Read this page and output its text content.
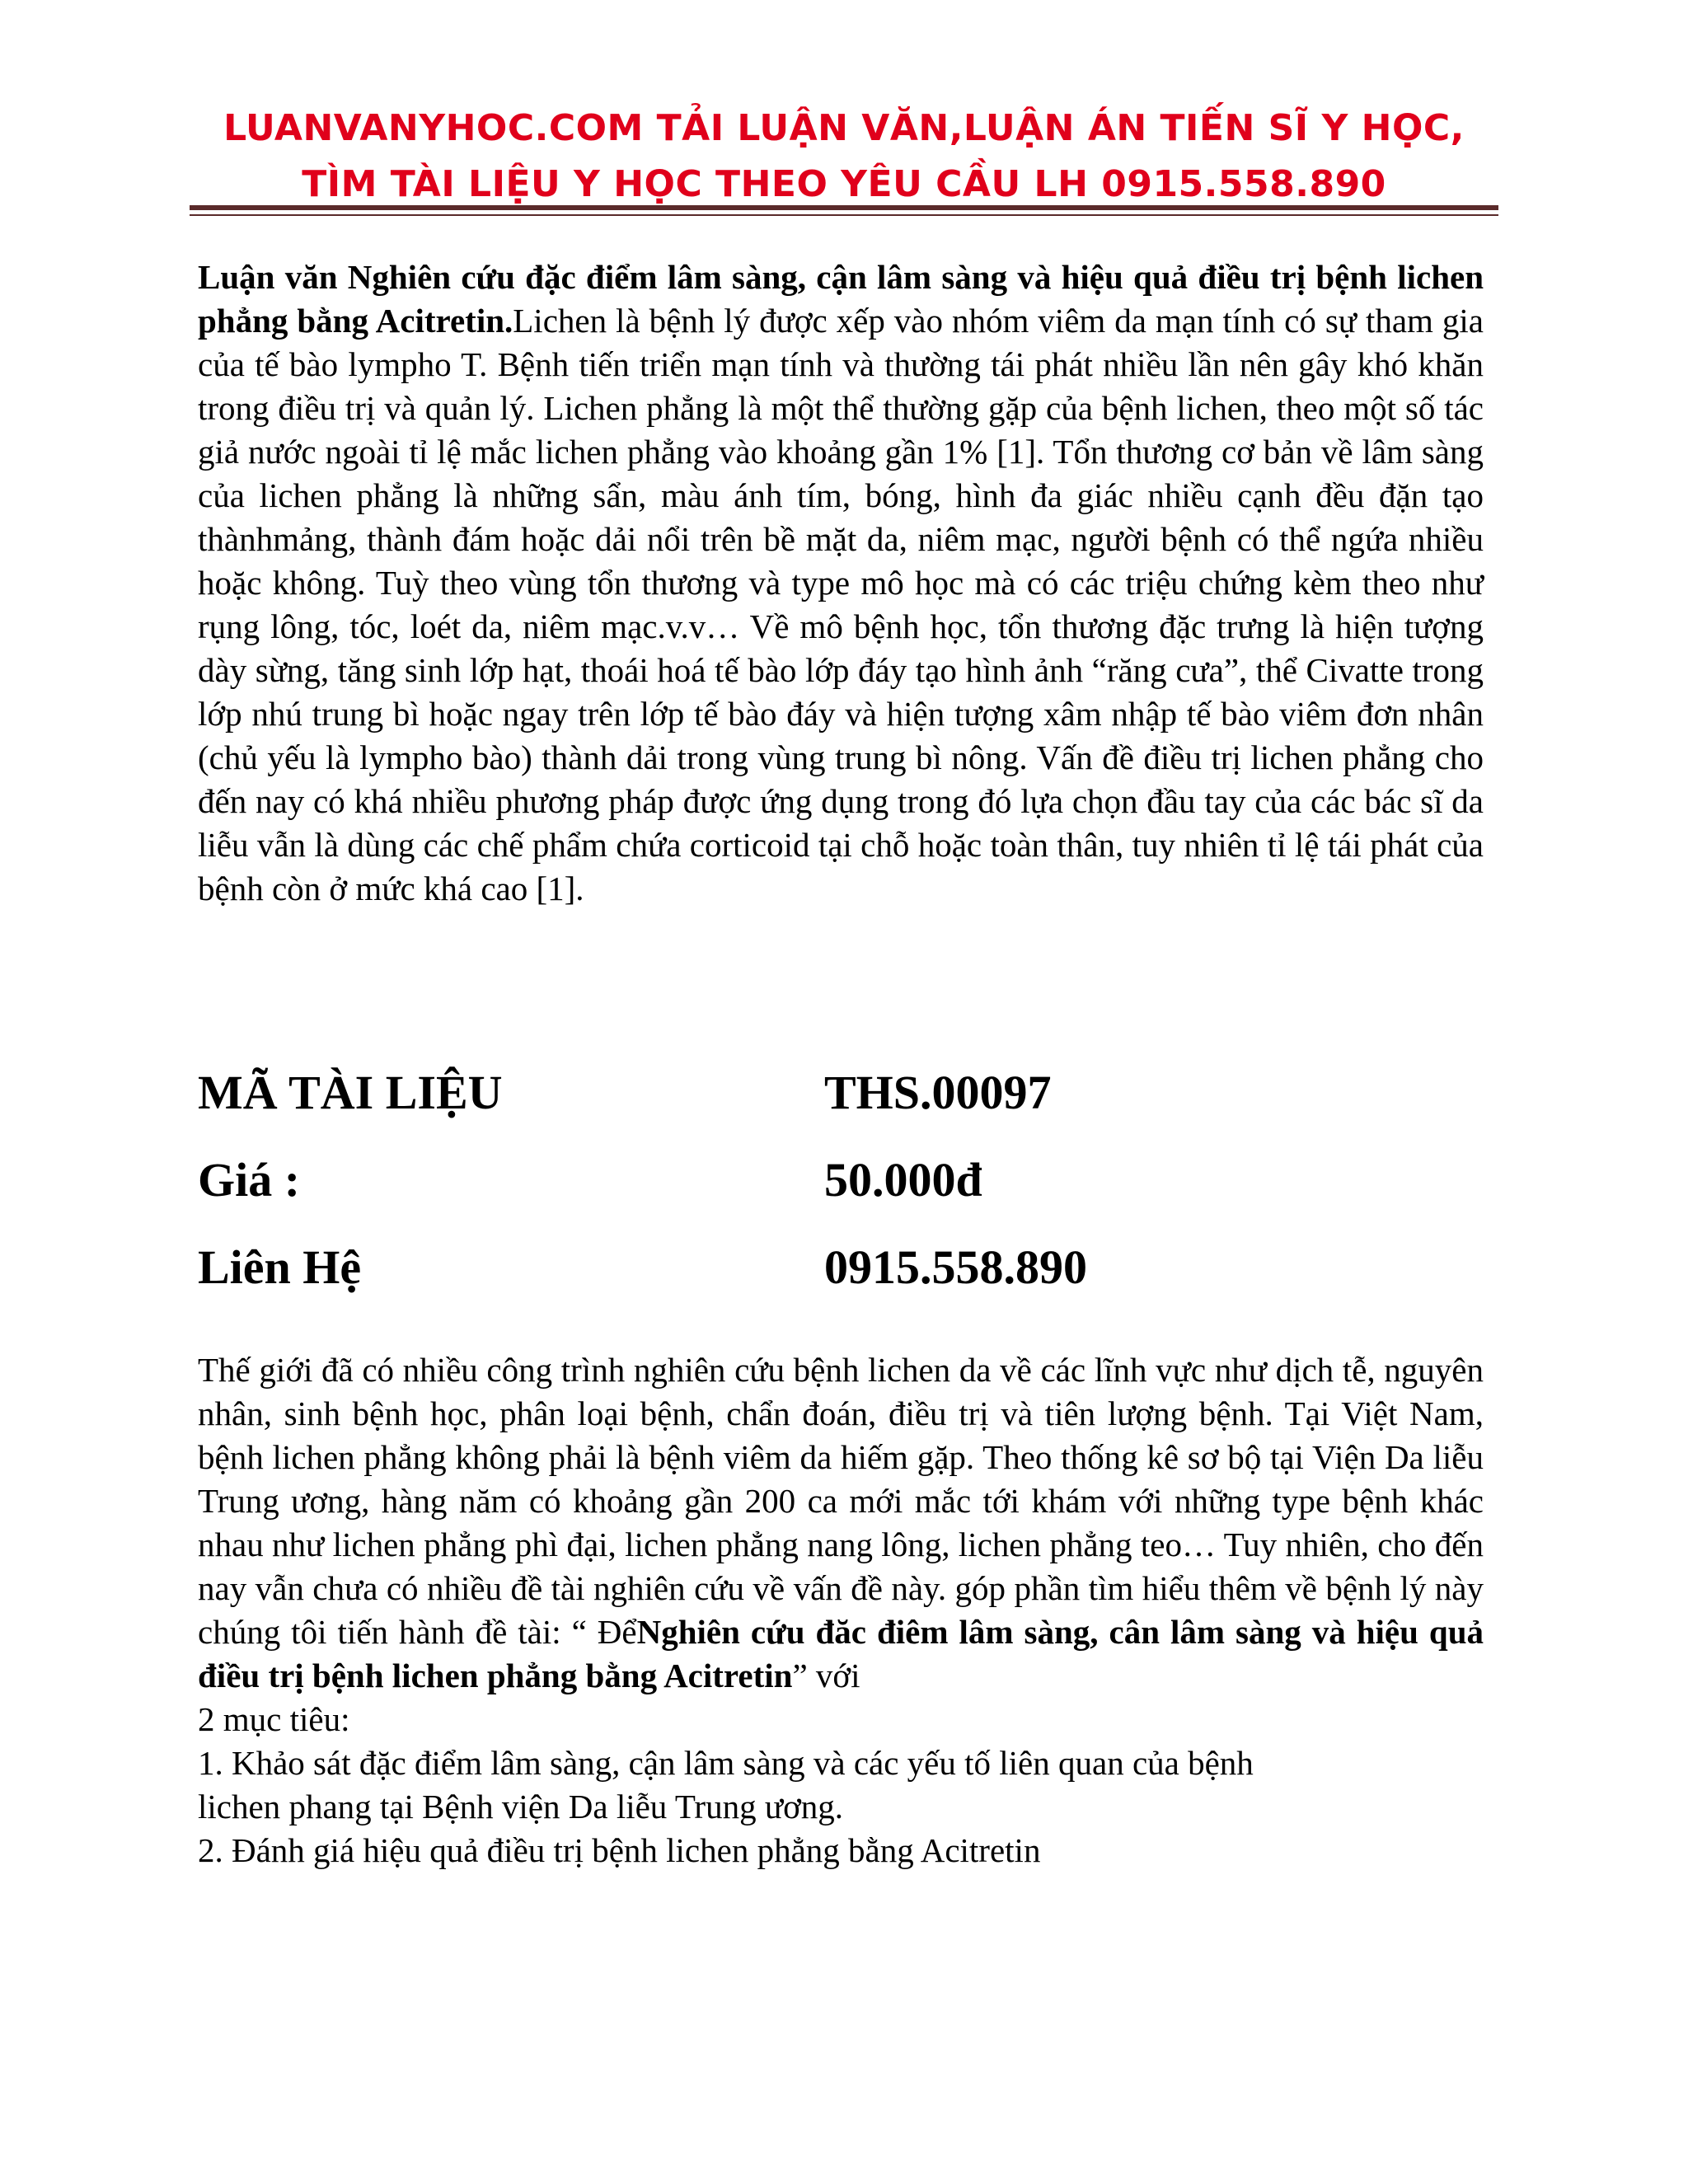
LUANVANYHOC.COM TẢI LUẬN VĂN,LUẬN ÁN TIẾN SĨ Y HỌC,
TÌM TÀI LIỆU Y HỌC THEO YÊU CẦU LH 0915.558.890
Luận văn Nghiên cứu đặc điểm lâm sàng, cận lâm sàng và hiệu quả điều trị bệnh lichen phẳng bằng Acitretin.Lichen là bệnh lý được xếp vào nhóm viêm da mạn tính có sự tham gia của tế bào lympho T. Bệnh tiến triển mạn tính và thường tái phát nhiều lần nên gây khó khăn trong điều trị và quản lý. Lichen phẳng là một thể thường gặp của bệnh lichen, theo một số tác giả nước ngoài tỉ lệ mắc lichen phẳng vào khoảng gần 1% [1]. Tổn thương cơ bản về lâm sàng của lichen phẳng là những sẩn, màu ánh tím, bóng, hình đa giác nhiều cạnh đều đặn tạo thànhmảng, thành đám hoặc dải nổi trên bề mặt da, niêm mạc, người bệnh có thể ngứa nhiều hoặc không. Tuỳ theo vùng tổn thương và type mô học mà có các triệu chứng kèm theo như rụng lông, tóc, loét da, niêm mạc.v.v… Về mô bệnh học, tổn thương đặc trưng là hiện tượng dày sừng, tăng sinh lớp hạt, thoái hoá tế bào lớp đáy tạo hình ảnh “răng cưa”, thể Civatte trong lớp nhú trung bì hoặc ngay trên lớp tế bào đáy và hiện tượng xâm nhập tế bào viêm đơn nhân (chủ yếu là lympho bào) thành dải trong vùng trung bì nông. Vấn đề điều trị lichen phẳng cho đến nay có khá nhiều phương pháp được ứng dụng trong đó lựa chọn đầu tay của các bác sĩ da liễu vẫn là dùng các chế phẩm chứa corticoid tại chỗ hoặc toàn thân, tuy nhiên tỉ lệ tái phát của bệnh còn ở mức khá cao [1].
MÃ TÀI LIỆU	THS.00097
Giá :	50.000đ
Liên Hệ	0915.558.890
Thế giới đã có nhiều công trình nghiên cứu bệnh lichen da về các lĩnh vực như dịch tễ, nguyên nhân, sinh bệnh học, phân loại bệnh, chẩn đoán, điều trị và tiên lượng bệnh. Tại Việt Nam, bệnh lichen phẳng không phải là bệnh viêm da hiếm gặp. Theo thống kê sơ bộ tại Viện Da liễu Trung ương, hàng năm có khoảng gần 200 ca mới mắc tới khám với những type bệnh khác nhau như lichen phẳng phì đại, lichen phẳng nang lông, lichen phẳng teo… Tuy nhiên, cho đến nay vẫn chưa có nhiều đề tài nghiên cứu về vấn đề này. góp phần tìm hiểu thêm về bệnh lý này chúng tôi tiến hành đề tài: “ ĐểNghiên cứu đăc điêm lâm sàng, cân lâm sàng và hiệu quả điều trị bệnh lichen phẳng bằng Acitretin” với
2 mục tiêu:
1. Khảo sát đặc điểm lâm sàng, cận lâm sàng và các yếu tố liên quan của bệnh
lichen phang tại Bệnh viện Da liễu Trung ương.
2. Đánh giá hiệu quả điều trị bệnh lichen phẳng bằng Acitretin
